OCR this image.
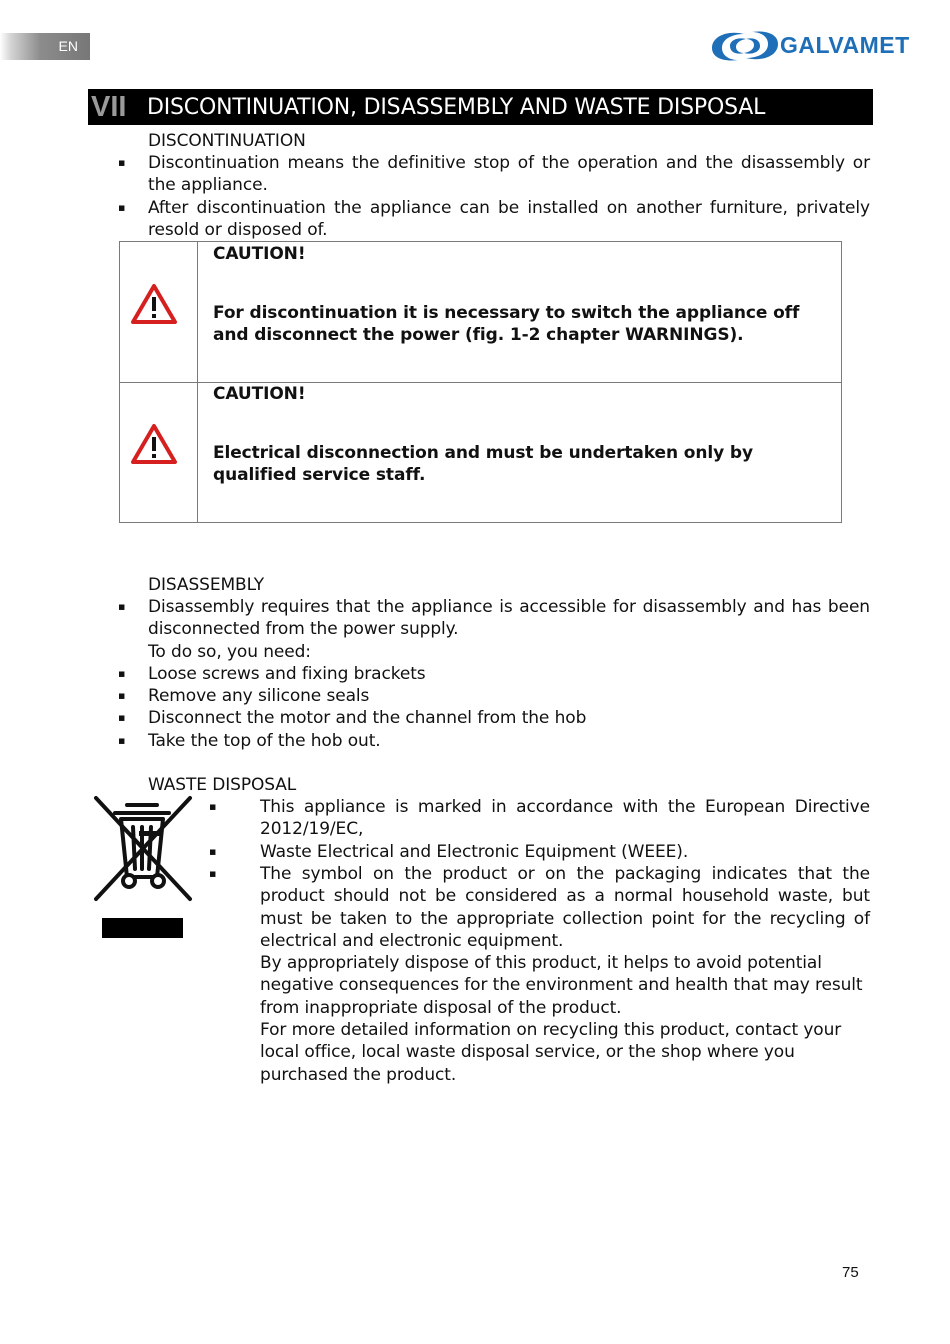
EN	GALVAMET
VII DISCONTINUATION, DISASSEMBLY AND WASTE DISPOSAL

DISCONTINUATION

▪ Discontinuation means the definitive stop of the operation and the disassembly or the appliance.

▪ After discontinuation the appliance can be installed on another furniture, privately resold or disposed of.

CAUTION!

For discontinuation it is necessary to switch the appliance off and disconnect the power (fig. 1-2 chapter WARNINGS).

CAUTION!

Electrical disconnection and must be undertaken only by qualified service staff.

DISASSEMBLY

▪ Disassembly requires that the appliance is accessible for disassembly and has been disconnected from the power supply.

To do so, you need:

▪ Loose screws and fixing brackets

▪ Remove any silicone seals

▪ Disconnect the motor and the channel from the hob

▪ Take the top of the hob out.

WASTE DISPOSAL

▪	This appliance is marked in accordance with the European Directive 2012/19/EC,

▪	Waste Electrical and Electronic Equipment (WEEE).

▪	The symbol on the product or on the packaging indicates that the product should not be considered as a normal household waste, but must be taken to the appropriate collection point for the recycling of electrical and electronic equipment.

By appropriately dispose of this product, it helps to avoid potential negative consequences for the environment and health that may result from inappropriate disposal of the product.

For more detailed information on recycling this product, contact your local office, local waste disposal service, or the shop where you purchased the product.

75
